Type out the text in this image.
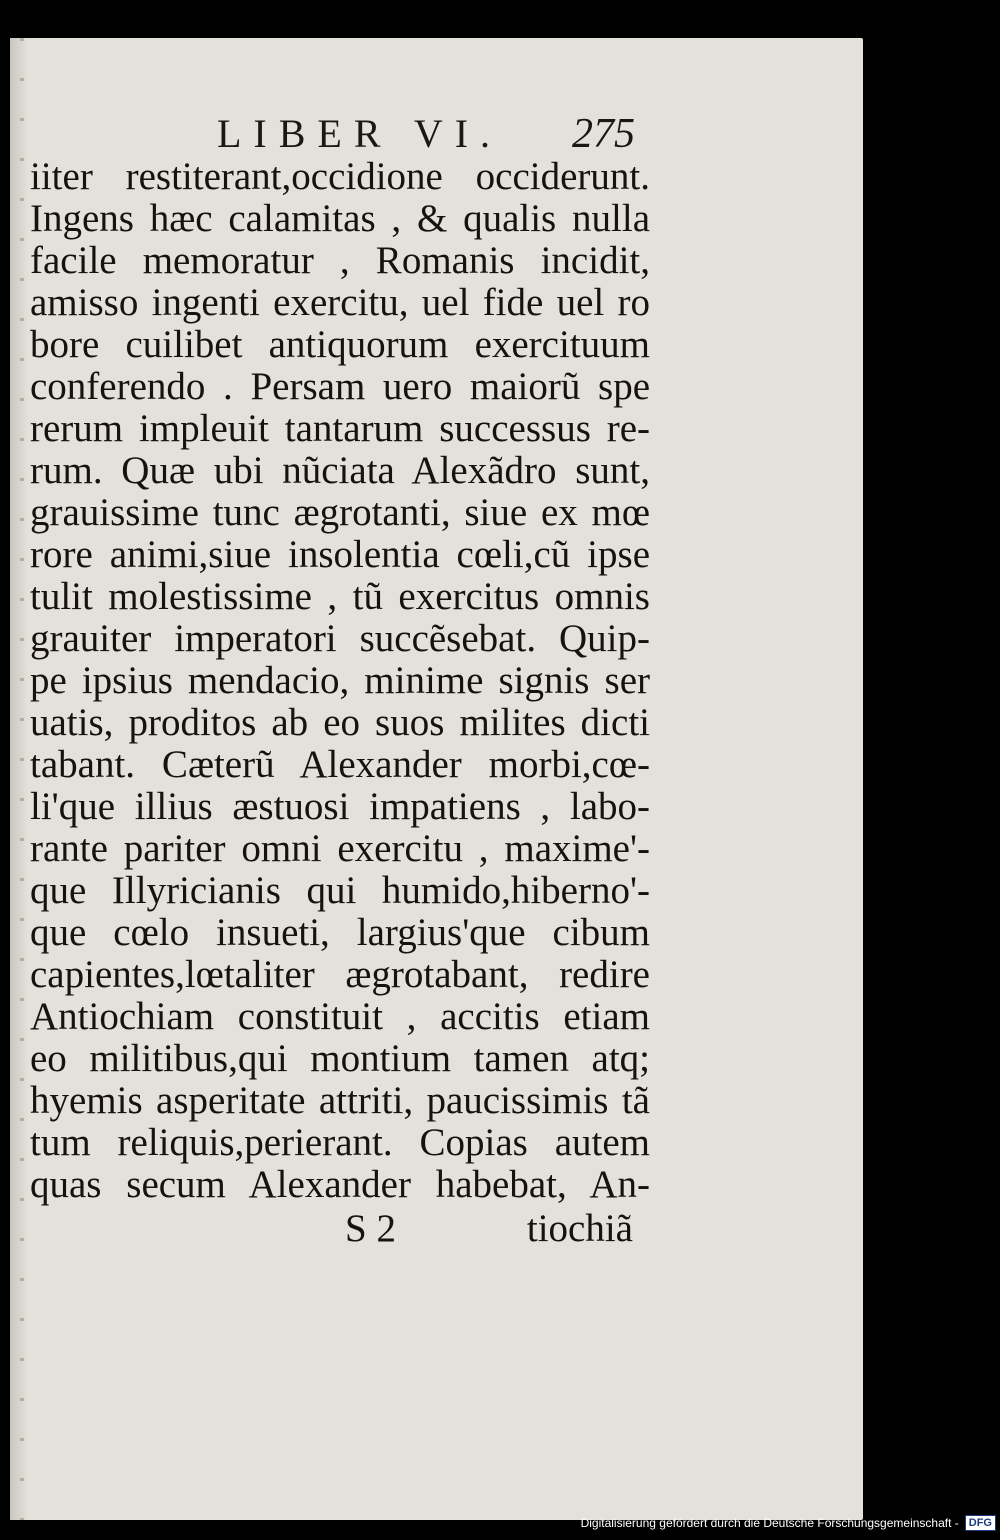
LIBER VI. 275
iiter restiterant,occidione occiderunt.
Ingens hæc calamitas , & qualis nulla
facile memoratur , Romanis incidit,
amisso ingenti exercitu, uel fide uel ro
bore cuilibet antiquorum exercituum
conferendo . Persam uero maiorũ spe
rerum impleuit tantarum successus re-
rum. Quæ ubi nũciata Alexãdro sunt,
grauissime tunc ægrotanti, siue ex mœ
rore animi,siue insolentia cœli,cũ ipse
tulit molestissime , tũ exercitus omnis
grauiter imperatori succẽsebat. Quip-
pe ipsius mendacio, minime signis ser
uatis, proditos ab eo suos milites dicti
tabant. Cæterũ Alexander morbi,cœ-
li'que illius æstuosi impatiens , labo-
rante pariter omni exercitu , maxime'-
que Illyricianis qui humido,hiberno'-
que cœlo insueti, largius'que cibum
capientes,lœtaliter ægrotabant, redire
Antiochiam constituit , accitis etiam
eo militibus,qui montium tamen atq;
hyemis asperitate attriti, paucissimis tã
tum reliquis,perierant. Copias autem
quas secum Alexander habebat, An-
S 2	tiochiã
Digitalisierung gefördert durch die Deutsche Forschungsgemeinschaft - DFG
